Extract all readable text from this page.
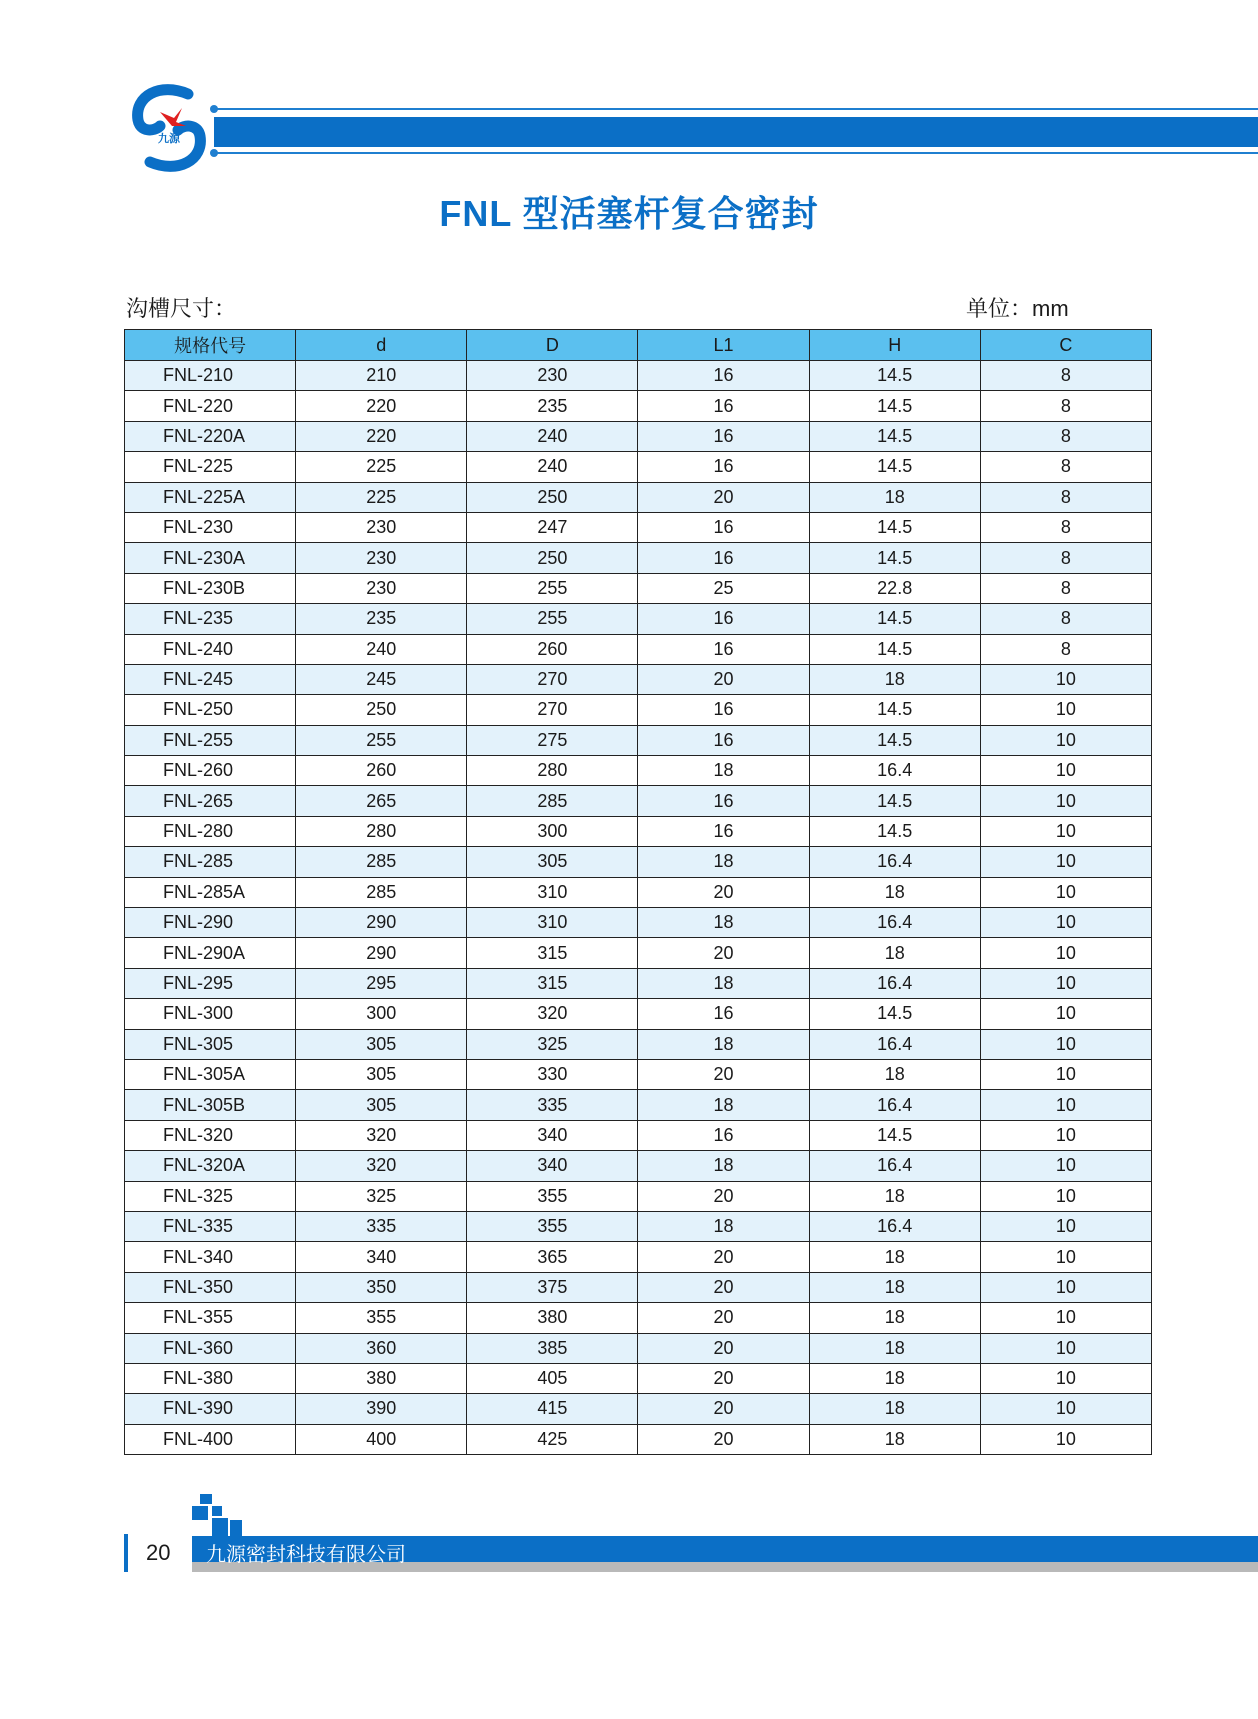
九源
FNL 型活塞杆复合密封
沟槽尺寸：	单位：mm
规格代号	d	D	L1	H	C
FNL-210	210	230	16	14.5	8
FNL-220	220	235	16	14.5	8
FNL-220A	220	240	16	14.5	8
FNL-225	225	240	16	14.5	8
FNL-225A	225	250	20	18	8
FNL-230	230	247	16	14.5	8
FNL-230A	230	250	16	14.5	8
FNL-230B	230	255	25	22.8	8
FNL-235	235	255	16	14.5	8
FNL-240	240	260	16	14.5	8
FNL-245	245	270	20	18	10
FNL-250	250	270	16	14.5	10
FNL-255	255	275	16	14.5	10
FNL-260	260	280	18	16.4	10
FNL-265	265	285	16	14.5	10
FNL-280	280	300	16	14.5	10
FNL-285	285	305	18	16.4	10
FNL-285A	285	310	20	18	10
FNL-290	290	310	18	16.4	10
FNL-290A	290	315	20	18	10
FNL-295	295	315	18	16.4	10
FNL-300	300	320	16	14.5	10
FNL-305	305	325	18	16.4	10
FNL-305A	305	330	20	18	10
FNL-305B	305	335	18	16.4	10
FNL-320	320	340	16	14.5	10
FNL-320A	320	340	18	16.4	10
FNL-325	325	355	20	18	10
FNL-335	335	355	18	16.4	10
FNL-340	340	365	20	18	10
FNL-350	350	375	20	18	10
FNL-355	355	380	20	18	10
FNL-360	360	385	20	18	10
FNL-380	380	405	20	18	10
FNL-390	390	415	20	18	10
FNL-400	400	425	20	18	10
20 九源密封科技有限公司
